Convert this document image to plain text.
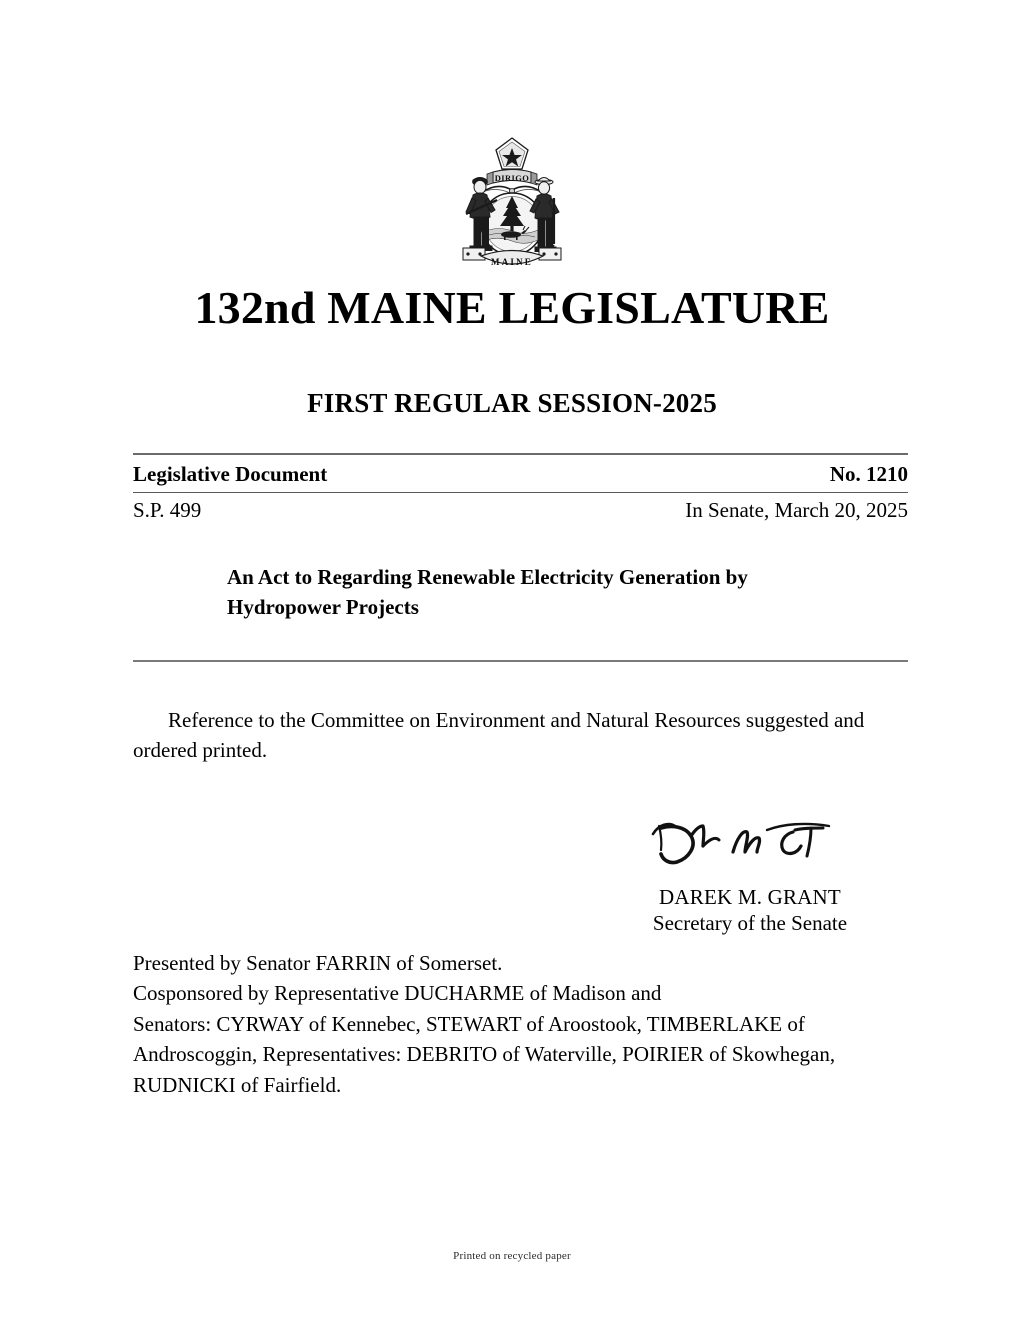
DIRIGO
MAINE
132nd MAINE LEGISLATURE
FIRST REGULAR SESSION-2025
Legislative Document	No. 1210
S.P. 499	In Senate, March 20, 2025
An Act to Regarding Renewable Electricity Generation by Hydropower Projects
Reference to the Committee on Environment and Natural Resources suggested and ordered printed.
DAREK M. GRANT
Secretary of the Senate
Presented by Senator FARRIN of Somerset.
Cosponsored by Representative DUCHARME of Madison and
Senators: CYRWAY of Kennebec, STEWART of Aroostook, TIMBERLAKE of
Androscoggin, Representatives: DEBRITO of Waterville, POIRIER of Skowhegan,
RUDNICKI of Fairfield.
Printed on recycled paper
